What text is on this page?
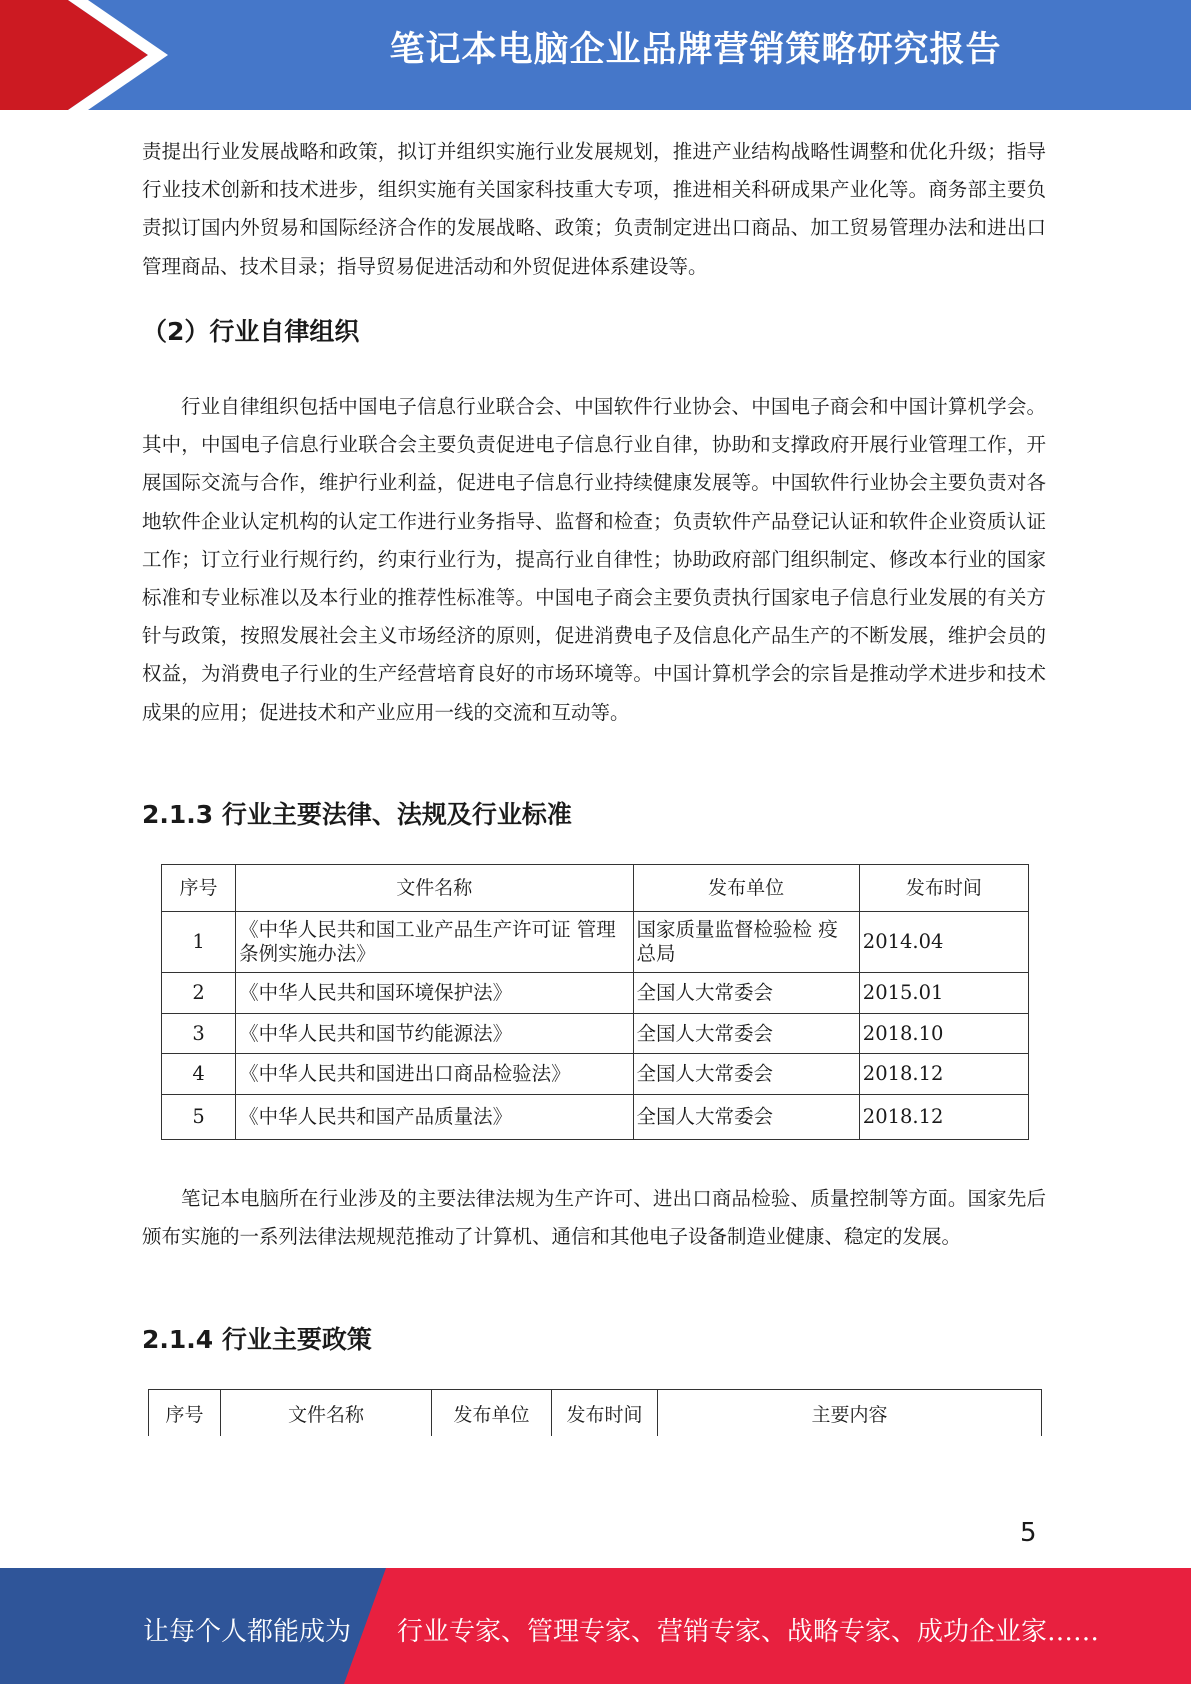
笔记本电脑企业品牌营销策略研究报告

责提出行业发展战略和政策，拟订并组织实施行业发展规划，推进产业结构战略性调整和优化升级；指导行业技术创新和技术进步，组织实施有关国家科技重大专项，推进相关科研成果产业化等。商务部主要负责拟订国内外贸易和国际经济合作的发展战略、政策；负责制定进出口商品、加工贸易管理办法和进出口管理商品、技术目录；指导贸易促进活动和外贸促进体系建设等。

（2）行业自律组织

行业自律组织包括中国电子信息行业联合会、中国软件行业协会、中国电子商会和中国计算机学会。其中，中国电子信息行业联合会主要负责促进电子信息行业自律，协助和支撑政府开展行业管理工作，开展国际交流与合作，维护行业利益，促进电子信息行业持续健康发展等。中国软件行业协会主要负责对各地软件企业认定机构的认定工作进行业务指导、监督和检查；负责软件产品登记认证和软件企业资质认证工作；订立行业行规行约，约束行业行为，提高行业自律性；协助政府部门组织制定、修改本行业的国家标准和专业标准以及本行业的推荐性标准等。中国电子商会主要负责执行国家电子信息行业发展的有关方针与政策，按照发展社会主义市场经济的原则，促进消费电子及信息化产品生产的不断发展，维护会员的权益，为消费电子行业的生产经营培育良好的市场环境等。中国计算机学会的宗旨是推动学术进步和技术成果的应用；促进技术和产业应用一线的交流和互动等。

2.1.3 行业主要法律、法规及行业标准
序号	文件名称	发布单位	发布时间
1	《中华人民共和国工业产品生产许可证 管理条例实施办法》	国家质量监督检验检 疫总局	2014.04
2	《中华人民共和国环境保护法》	全国人大常委会	2015.01
3	《中华人民共和国节约能源法》	全国人大常委会	2018.10
4	《中华人民共和国进出口商品检验法》	全国人大常委会	2018.12
5	《中华人民共和国产品质量法》	全国人大常委会	2018.12

笔记本电脑所在行业涉及的主要法律法规为生产许可、进出口商品检验、质量控制等方面。国家先后颁布实施的一系列法律法规规范推动了计算机、通信和其他电子设备制造业健康、稳定的发展。

2.1.4 行业主要政策
序号	文件名称	发布单位	发布时间	主要内容
5
让每个人都能成为 行业专家、管理专家、营销专家、战略专家、成功企业家……
